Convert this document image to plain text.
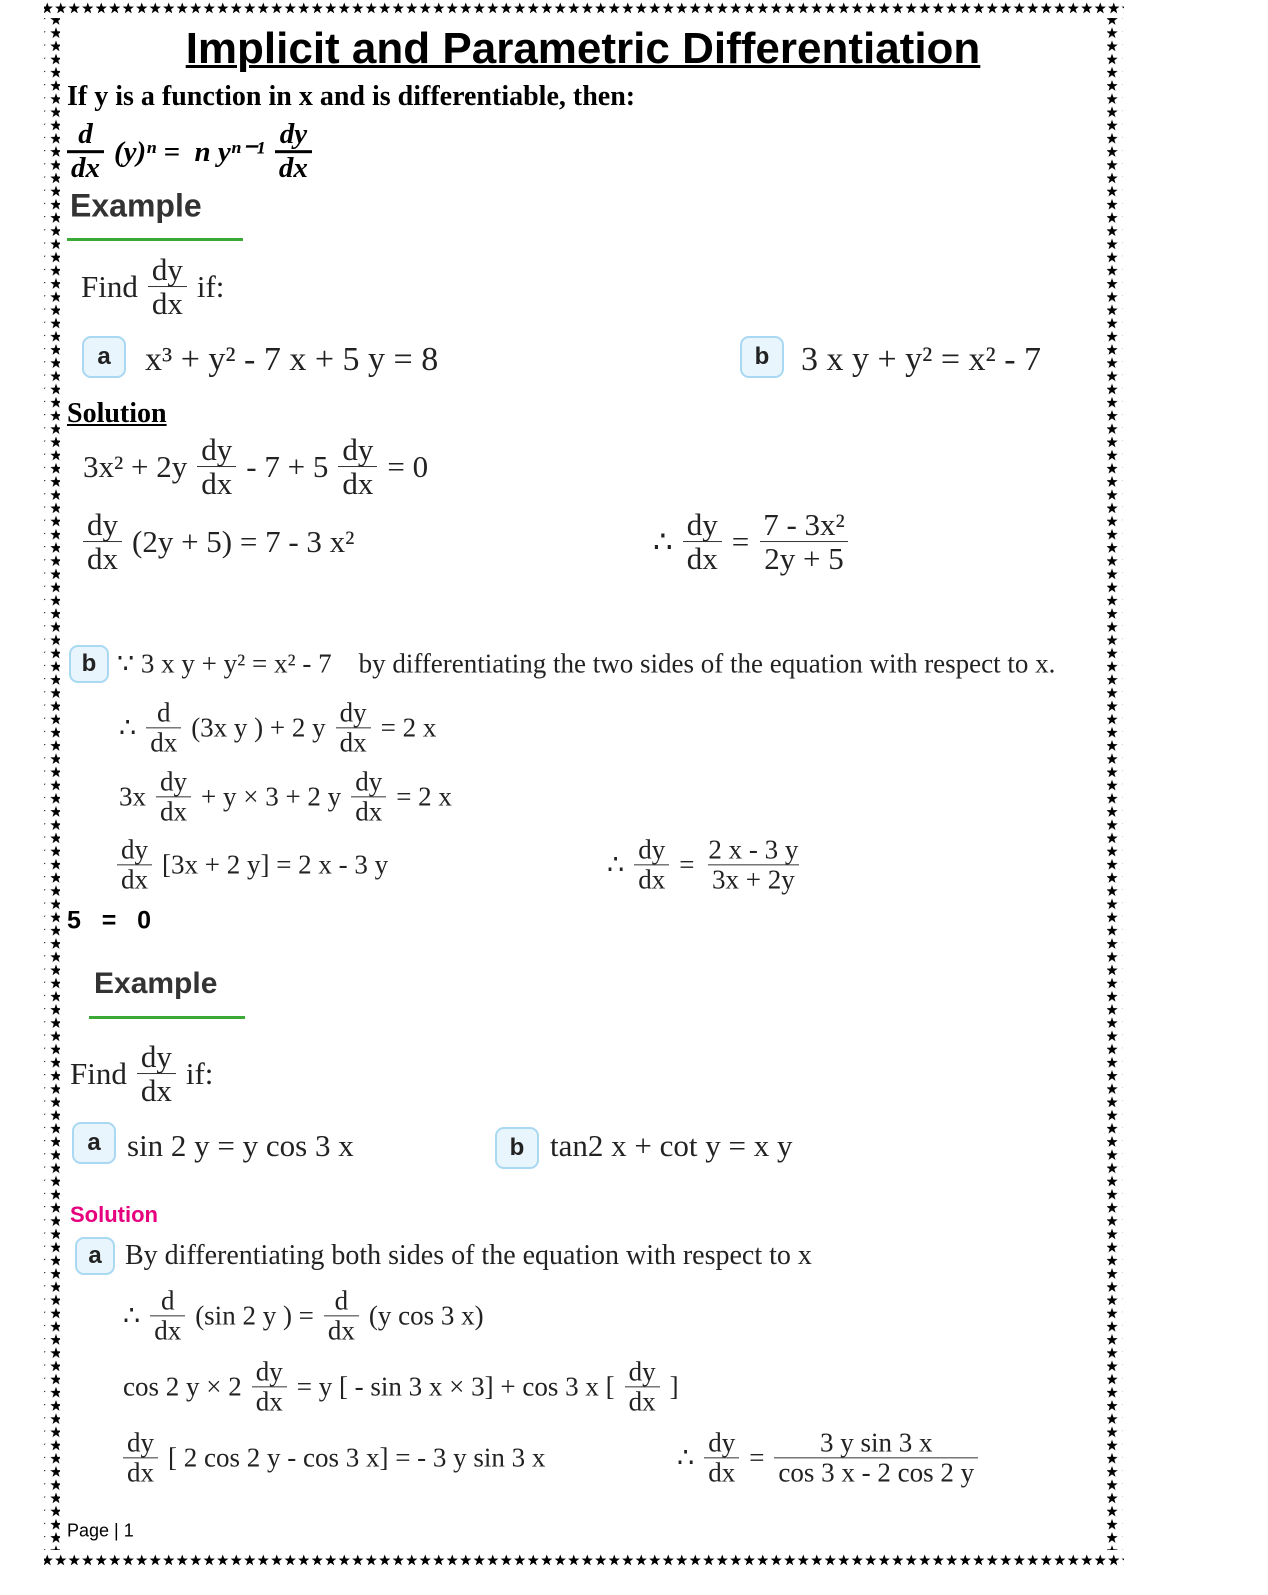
Implicit and Parametric Differentiation
If y is a function in x and is differentiable, then:
$\frac{d}{dx} (y)^n = n$ $y^{n-1} \frac{dy}{dx}$
Example
Find $\frac{dy}{dx}$ if:
a	x³ + y² - 7 x + 5 y = 8	b 3 x y + y² = x² - 7
Solution
$3x^2 + 2y \frac{dy}{dx} - 7 + 5 \frac{dy}{dx} = 0$
$\frac{dy}{dx} (2y + 5) = 7 - 3$ x²	∴ $\frac{dy}{dx} = \frac{\text{7 - 3x²}}{2y + 5}$
b ∵ 3 x y + y² = x² - 7    by differentiating the two sides of the equation with respect to x.
∴ $\frac{d}{dx} (3x$ y ) + 2 y $\frac{dy}{dx} = 2$ x
$3x \frac{dy}{dx} + y \times 3 + 2$ y $\frac{dy}{dx} = 2$ x
$\frac{dy}{dx} [3x + 2$ y] = 2 x - 3 y	∴ $\frac{dy}{dx} = \frac{2 x - 3 y}{3x + 2y}$
5   =   0
Example
Find $\frac{dy}{dx}$ if:
a sin 2 y = y cos 3 x	b tan2 x + cot y = x y
Solution
a By differentiating both sides of the equation with respect to x
∴ $\frac{d}{dx} (\sin$ 2 y ) = $\frac{d}{dx} (y$ cos 3 x)
cos 2 $y \times 2 \frac{dy}{dx} = y$ [ - sin 3 x × 3] + cos 3 x [ $\frac{dy}{dx}$ ]
$\frac{dy}{dx}$ [ 2 cos 2 y - cos 3 x] = - 3 y sin 3 x	∴ $\frac{dy}{dx} = \frac{\text{3 y sin 3 x}}{\cos 3 x - 2 \cos 2 y}$
Page | 1
